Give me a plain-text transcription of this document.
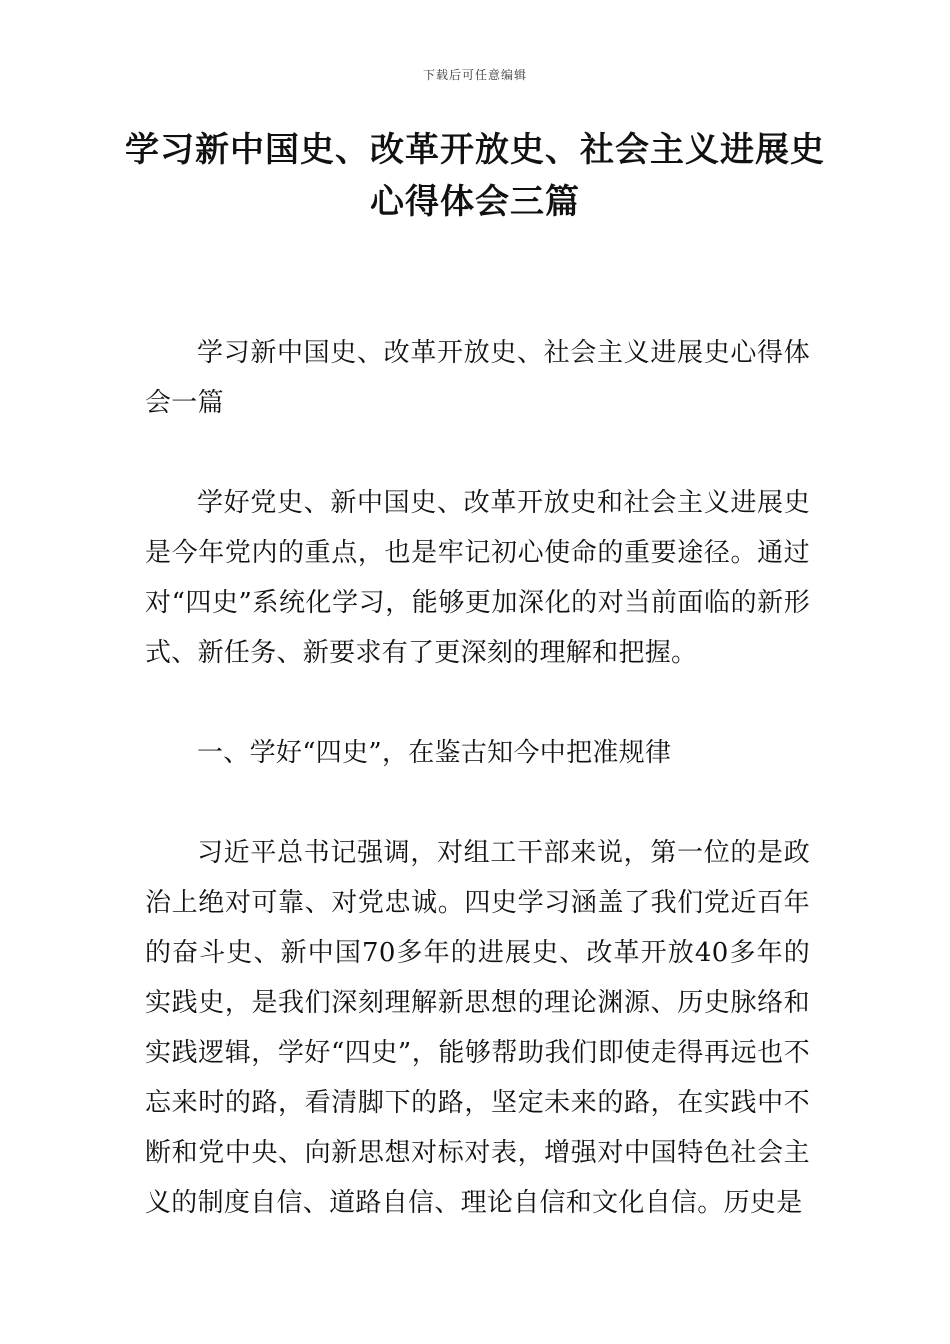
下载后可任意编辑
学习新中国史、改革开放史、社会主义进展史心得体会三篇

学习新中国史、改革开放史、社会主义进展史心得体会一篇

学好党史、新中国史、改革开放史和社会主义进展史是今年党内的重点，也是牢记初心使命的重要途径。通过对“四史”系统化学习，能够更加深化的对当前面临的新形式、新任务、新要求有了更深刻的理解和把握。

一、学好“四史”，在鉴古知今中把准规律

习近平总书记强调，对组工干部来说，第一位的是政治上绝对可靠、对党忠诚。四史学习涵盖了我们党近百年的奋斗史、新中国70多年的进展史、改革开放40多年的实践史，是我们深刻理解新思想的理论渊源、历史脉络和实践逻辑，学好“四史”，能够帮助我们即使走得再远也不忘来时的路，看清脚下的路，坚定未来的路，在实践中不断和党中央、向新思想对标对表，增强对中国特色社会主义的制度自信、道路自信、理论自信和文化自信。历史是
